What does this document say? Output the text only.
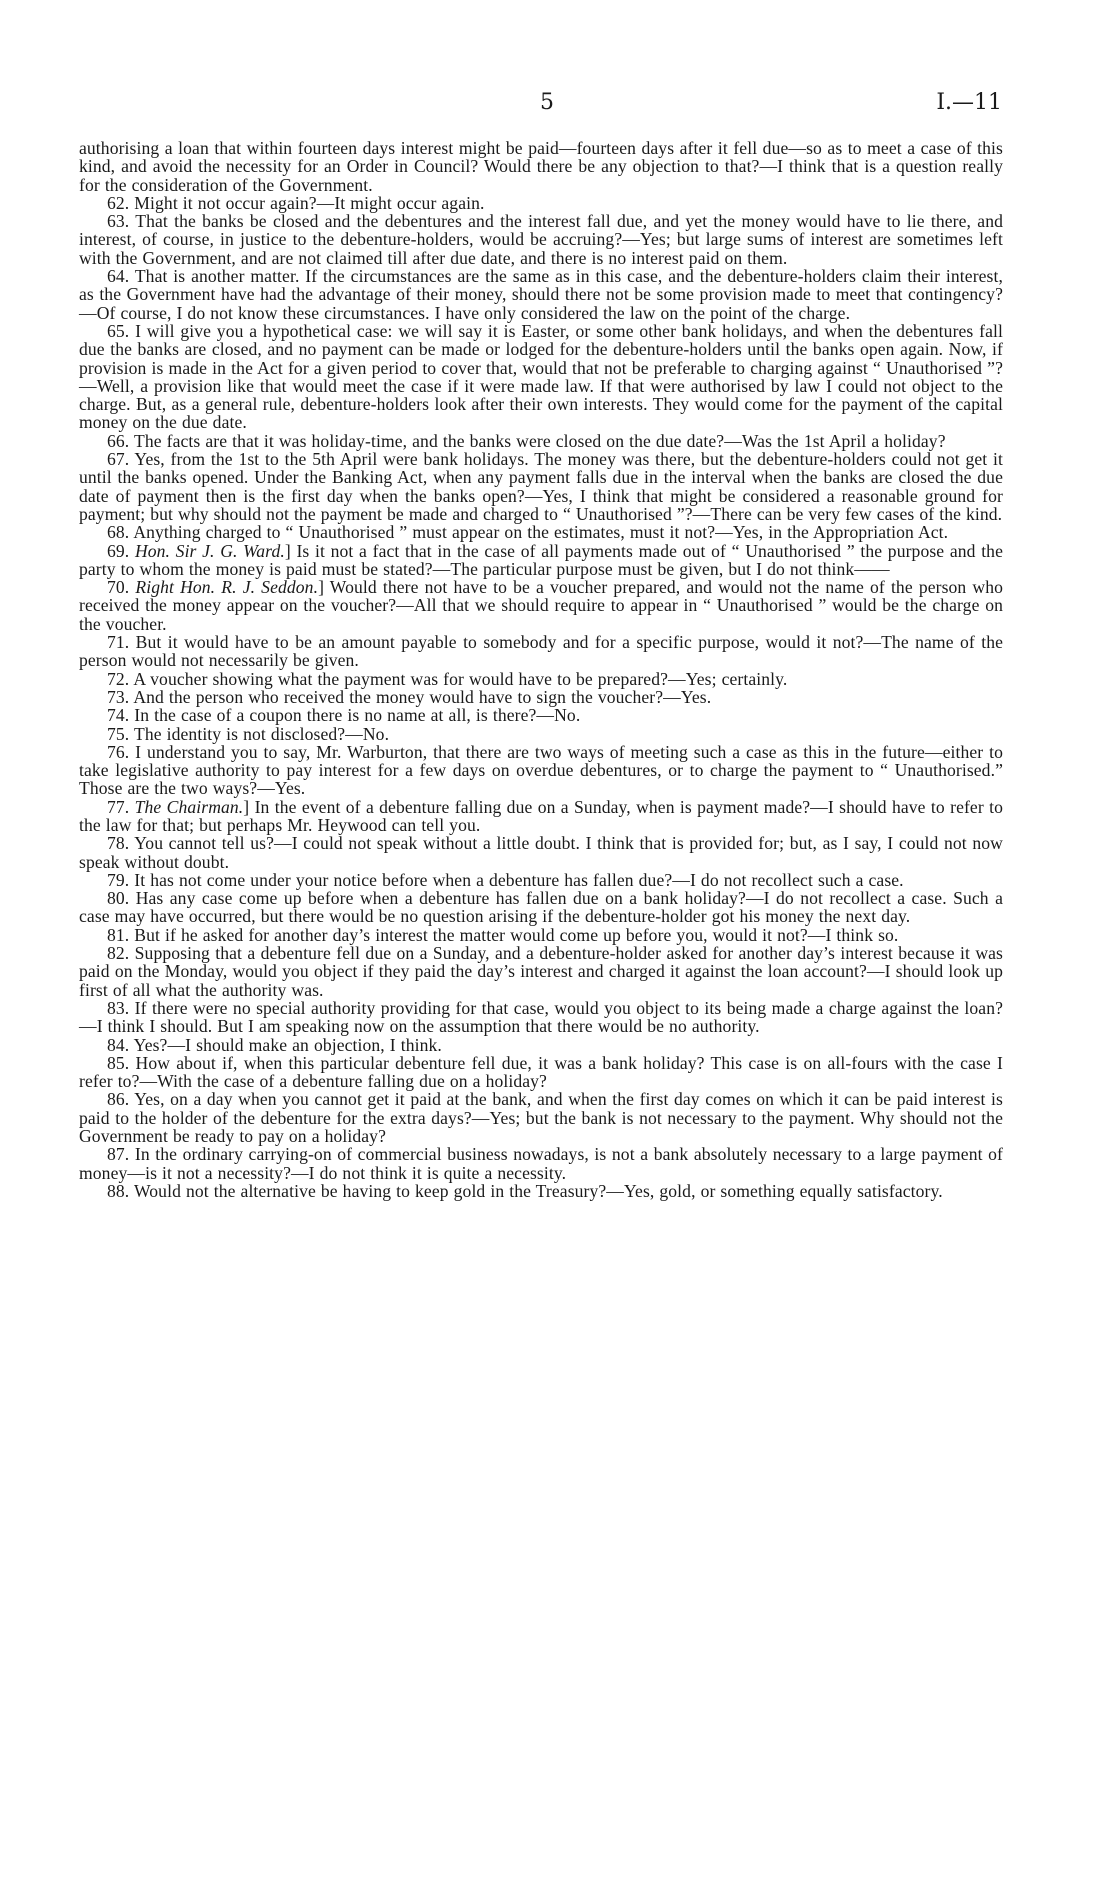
5	I.—11

authorising a loan that within fourteen days interest might be paid—fourteen days after it fell due—so as to meet a case of this kind, and avoid the necessity for an Order in Council? Would there be any objection to that?—I think that is a question really for the consideration of the Government.

62. Might it not occur again?—It might occur again.

63. That the banks be closed and the debentures and the interest fall due, and yet the money would have to lie there, and interest, of course, in justice to the debenture-holders, would be accruing?—Yes; but large sums of interest are sometimes left with the Government, and are not claimed till after due date, and there is no interest paid on them.

64. That is another matter. If the circumstances are the same as in this case, and the debenture-holders claim their interest, as the Government have had the advantage of their money, should there not be some provision made to meet that contingency?—Of course, I do not know these circumstances. I have only considered the law on the point of the charge.

65. I will give you a hypothetical case: we will say it is Easter, or some other bank holidays, and when the debentures fall due the banks are closed, and no payment can be made or lodged for the debenture-holders until the banks open again. Now, if provision is made in the Act for a given period to cover that, would that not be preferable to charging against “ Unauthorised ”?—Well, a provision like that would meet the case if it were made law. If that were authorised by law I could not object to the charge. But, as a general rule, debenture-holders look after their own interests. They would come for the payment of the capital money on the due date.

66. The facts are that it was holiday-time, and the banks were closed on the due date?—Was the 1st April a holiday?

67. Yes, from the 1st to the 5th April were bank holidays. The money was there, but the debenture-holders could not get it until the banks opened. Under the Banking Act, when any payment falls due in the interval when the banks are closed the due date of payment then is the first day when the banks open?—Yes, I think that might be considered a reasonable ground for payment; but why should not the payment be made and charged to “ Unauthorised ”?—There can be very few cases of the kind.

68. Anything charged to “ Unauthorised ” must appear on the estimates, must it not?—Yes, in the Appropriation Act.

69. Hon. Sir J. G. Ward.] Is it not a fact that in the case of all payments made out of “ Unauthorised ” the purpose and the party to whom the money is paid must be stated?—The particular purpose must be given, but I do not think——

70. Right Hon. R. J. Seddon.] Would there not have to be a voucher prepared, and would not the name of the person who received the money appear on the voucher?—All that we should require to appear in “ Unauthorised ” would be the charge on the voucher.

71. But it would have to be an amount payable to somebody and for a specific purpose, would it not?—The name of the person would not necessarily be given.

72. A voucher showing what the payment was for would have to be prepared?—Yes; certainly.

73. And the person who received the money would have to sign the voucher?—Yes.

74. In the case of a coupon there is no name at all, is there?—No.

75. The identity is not disclosed?—No.

76. I understand you to say, Mr. Warburton, that there are two ways of meeting such a case as this in the future—either to take legislative authority to pay interest for a few days on overdue debentures, or to charge the payment to “ Unauthorised.” Those are the two ways?—Yes.

77. The Chairman.] In the event of a debenture falling due on a Sunday, when is payment made?—I should have to refer to the law for that; but perhaps Mr. Heywood can tell you.

78. You cannot tell us?—I could not speak without a little doubt. I think that is provided for; but, as I say, I could not now speak without doubt.

79. It has not come under your notice before when a debenture has fallen due?—I do not recollect such a case.

80. Has any case come up before when a debenture has fallen due on a bank holiday?—I do not recollect a case. Such a case may have occurred, but there would be no question arising if the debenture-holder got his money the next day.

81. But if he asked for another day’s interest the matter would come up before you, would it not?—I think so.

82. Supposing that a debenture fell due on a Sunday, and a debenture-holder asked for another day’s interest because it was paid on the Monday, would you object if they paid the day’s interest and charged it against the loan account?—I should look up first of all what the authority was.

83. If there were no special authority providing for that case, would you object to its being made a charge against the loan?—I think I should. But I am speaking now on the assumption that there would be no authority.

84. Yes?—I should make an objection, I think.

85. How about if, when this particular debenture fell due, it was a bank holiday? This case is on all-fours with the case I refer to?—With the case of a debenture falling due on a holiday?

86. Yes, on a day when you cannot get it paid at the bank, and when the first day comes on which it can be paid interest is paid to the holder of the debenture for the extra days?—Yes; but the bank is not necessary to the payment. Why should not the Government be ready to pay on a holiday?

87. In the ordinary carrying-on of commercial business nowadays, is not a bank absolutely necessary to a large payment of money—is it not a necessity?—I do not think it is quite a necessity.

88. Would not the alternative be having to keep gold in the Treasury?—Yes, gold, or something equally satisfactory.
